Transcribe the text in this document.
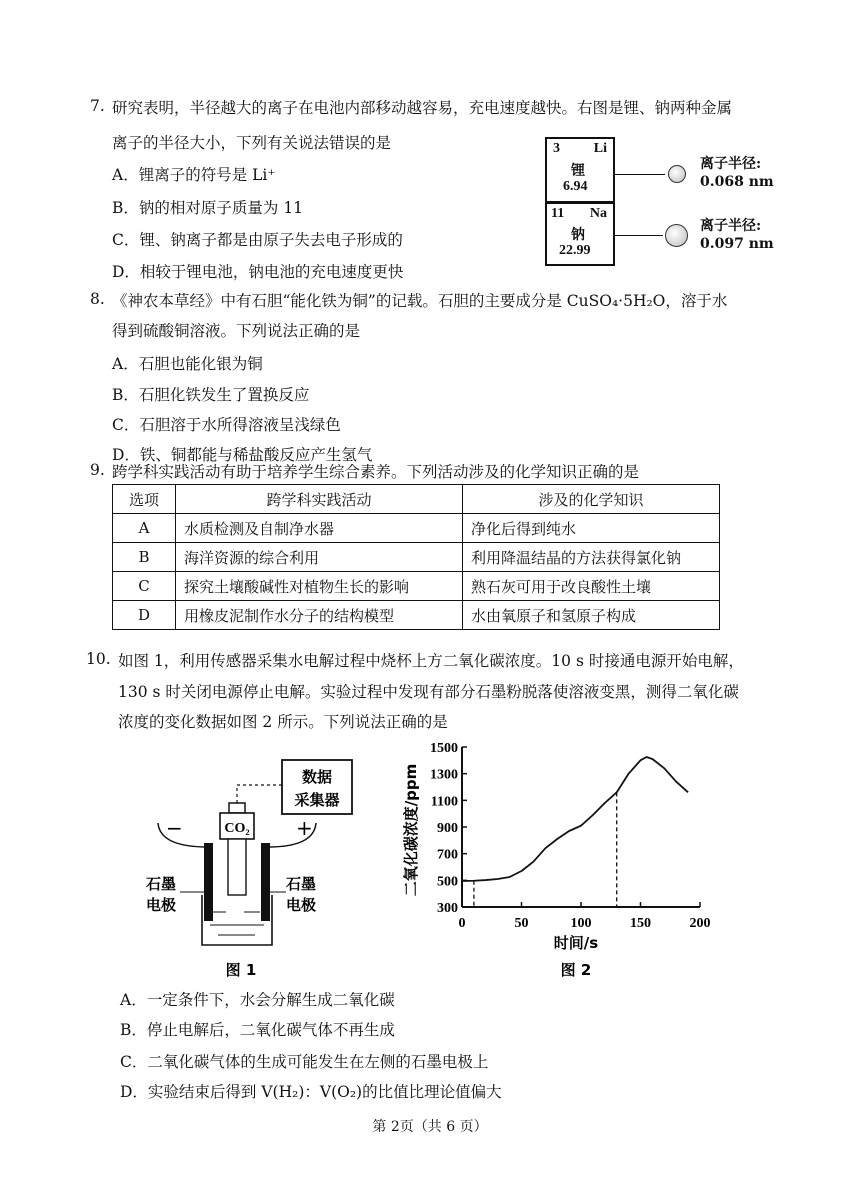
7. 研究表明，半径越大的离子在电池内部移动越容易，充电速度越快。右图是锂、钠两种金属
离子的半径大小，下列有关说法错误的是
A．锂离子的符号是 Li⁺
B．钠的相对原子质量为 11
C．锂、钠离子都是由原子失去电子形成的
D．相较于锂电池，钠电池的充电速度更快
3 Li
锂
6.94
11 Na
钠
22.99
离子半径:
0.068 nm
离子半径:
0.097 nm
8. 《神农本草经》中有石胆“能化铁为铜”的记载。石胆的主要成分是 CuSO₄·5H₂O，溶于水
得到硫酸铜溶液。下列说法正确的是
A．石胆也能化银为铜
B．石胆化铁发生了置换反应
C．石胆溶于水所得溶液呈浅绿色
D．铁、铜都能与稀盐酸反应产生氢气
9. 跨学科实践活动有助于培养学生综合素养。下列活动涉及的化学知识正确的是
选项	跨学科实践活动	涉及的化学知识
A	水质检测及自制净水器	净化后得到纯水
B	海洋资源的综合利用	利用降温结晶的方法获得氯化钠
C	探究土壤酸碱性对植物生长的影响	熟石灰可用于改良酸性土壤
D	用橡皮泥制作水分子的结构模型	水由氧原子和氢原子构成
10. 如图 1，利用传感器采集水电解过程中烧杯上方二氧化碳浓度。10 s 时接通电源开始电解，
130 s 时关闭电源停止电解。实验过程中发现有部分石墨粉脱落使溶液变黑，测得二氧化碳
浓度的变化数据如图 2 所示。下列说法正确的是
数据
采集器
CO₂
−	+
石墨
电极
石墨
电极
图 1
二氧化碳浓度/ppm
时间/s
图 2
300
500
700
900
1100
1300
1500
0	50	100	150	200
A．一定条件下，水会分解生成二氧化碳
B．停止电解后，二氧化碳气体不再生成
C．二氧化碳气体的生成可能发生在左侧的石墨电极上
D．实验结束后得到 V(H₂)：V(O₂)的比值比理论值偏大
第 2页（共 6 页）
